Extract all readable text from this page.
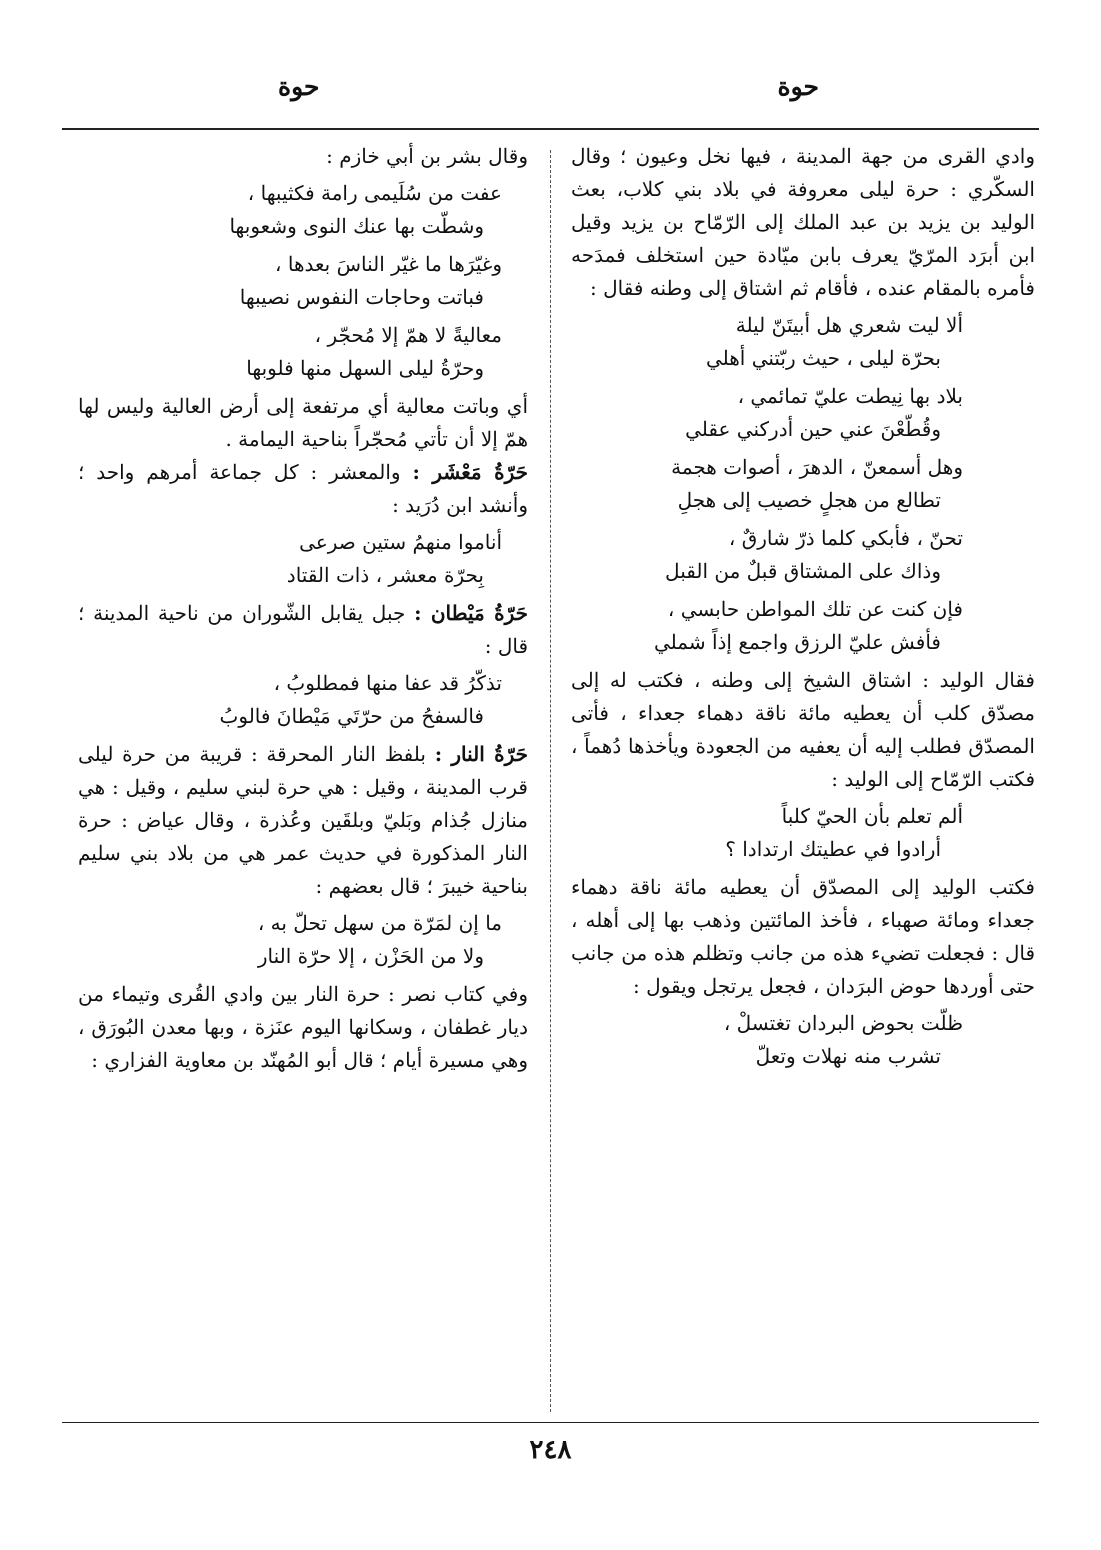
حوة
حوة

وادي القرى من جهة المدينة ، فيها نخل وعيون ؛ وقال السكّري : حرة ليلى معروفة في بلاد بني كلاب، بعث الوليد بن يزيد بن عبد الملك إلى الرّمّاح بن يزيد وقيل ابن أبرَد المرّيّ يعرف بابن ميّادة حين استخلف فمدَحه فأمره بالمقام عنده ، فأقام ثم اشتاق إلى وطنه فقال :

ألا ليت شعري هل أبيتَنّ ليلة
بحرّة ليلى ، حيث ربّتني أهلي
بلاد بها نِيطت عليّ تمائمي ،
وقُطّعْنَ عني حين أدركني عقلي
وهل أسمعنّ ، الدهرَ ، أصوات هجمة
تطالع من هجلٍ خصيب إلى هجلِ
تحنّ ، فأبكي كلما ذرّ شارقٌ ،
وذاك على المشتاق قبلٌ من القبل
فإن كنت عن تلك المواطن حابسي ،
فأفش عليّ الرزق واجمع إذاً شملي

فقال الوليد : اشتاق الشيخ إلى وطنه ، فكتب له إلى مصدّق كلب أن يعطيه مائة ناقة دهماء جعداء ، فأتى المصدّق فطلب إليه أن يعفيه من الجعودة ويأخذها دُهماً ، فكتب الرّمّاح إلى الوليد :

ألم تعلم بأن الحيّ كلباً
أرادوا في عطيتك ارتدادا ؟

فكتب الوليد إلى المصدّق أن يعطيه مائة ناقة دهماء جعداء ومائة صهباء ، فأخذ المائتين وذهب بها إلى أهله ، قال : فجعلت تضيء هذه من جانب وتظلم هذه من جانب حتى أوردها حوض البرَدان ، فجعل يرتجل ويقول :

ظلّت بحوض البردان تغتسلْ ،
تشرب منه نهلات وتعلّ

وقال بشر بن أبي خازم :

عفت من سُلَيمى رامة فكثيبها ،
وشطّت بها عنك النوى وشعوبها
وغيّرَها ما غيّر الناسَ بعدها ،
فباتت وحاجات النفوس نصيبها
معاليةً لا همّ إلا مُحجّر ،
وحرّةُ ليلى السهل منها فلوبها

أي وباتت معالية أي مرتفعة إلى أرض العالية وليس لها همّ إلا أن تأتي مُحجّراً بناحية اليمامة .

حَرّةُ مَعْشَر : والمعشر : كل جماعة أمرهم واحد ؛ وأنشد ابن دُرَيد :

أناموا منهمُ ستين صرعى
بِحرّة معشر ، ذات القتاد

حَرّةُ مَيْطان : جبل يقابل الشّوران من ناحية المدينة ؛ قال :

تذكّرُ قد عفا منها فمطلوبُ ،
فالسفحُ من حرّتَي مَيْطانَ فالوبُ

حَرّةُ النار : بلفظ النار المحرقة : قريبة من حرة ليلى قرب المدينة ، وقيل : هي حرة لبني سليم ، وقيل : هي منازل جُذام وبَليّ وبلقَين وعُذرة ، وقال عياض : حرة النار المذكورة في حديث عمر هي من بلاد بني سليم بناحية خيبرَ ؛ قال بعضهم :

ما إن لمَرّة من سهل تحلّ به ،
ولا من الحَزْن ، إلا حرّة النار

وفي كتاب نصر : حرة النار بين وادي القُرى وتيماء من ديار غطفان ، وسكانها اليوم عنَزة ، وبها معدن البُورَق ، وهي مسيرة أيام ؛ قال أبو المُهنّد بن معاوية الفزاري :

٢٤٨
